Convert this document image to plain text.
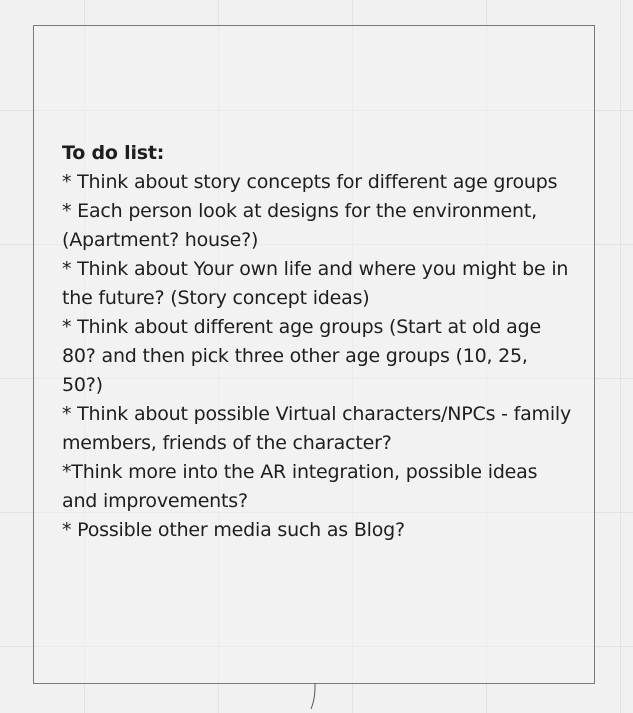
To do list:
* Think about story concepts for different age groups
* Each person look at designs for the environment, (Apartment? house?)
* Think about Your own life and where you might be in the future? (Story concept ideas)
* Think about different age groups (Start at old age 80? and then pick three other age groups (10, 25, 50?)
* Think about possible Virtual characters/NPCs - family members, friends of the character?
*Think more into the AR integration, possible ideas and improvements?
* Possible other media such as Blog?
